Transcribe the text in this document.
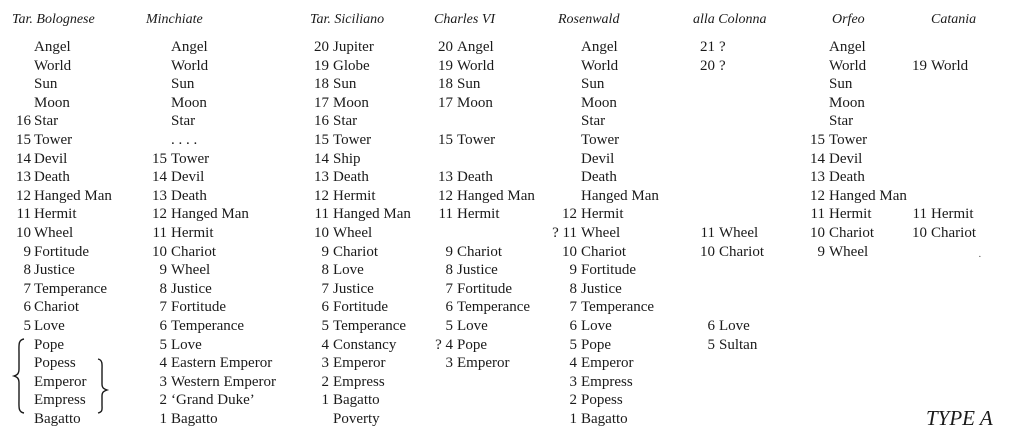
TYPE A
·
Tar. Bolognese
Angel
World
Sun
Moon
16 Star
15 Tower
14 Devil
13 Death
12 Hanged Man
11 Hermit
10 Wheel
9 Fortitude
8 Justice
7 Temperance
6 Chariot
5 Love
Pope
Popess
Emperor
Empress
Bagatto
Minchiate
Angel
World
Sun
Moon
Star
. . . .
15 Tower
14 Devil
13 Death
12 Hanged Man
11 Hermit
10 Chariot
9 Wheel
8 Justice
7 Fortitude
6 Temperance
5 Love
4 Eastern Emperor
3 Western Emperor
2 ‘Grand Duke’
1 Bagatto
Tar. Siciliano
20 Jupiter
19 Globe
18 Sun
17 Moon
16 Star
15 Tower
14 Ship
13 Death
12 Hermit
11 Hanged Man
10 Wheel
9 Chariot
8 Love
7 Justice
6 Fortitude
5 Temperance
4 Constancy
3 Emperor
2 Empress
1 Bagatto
Poverty
Charles VI
20 Angel
19 World
18 Sun
17 Moon
15 Tower
13 Death
12 Hanged Man
11 Hermit
9 Chariot
8 Justice
7 Fortitude
6 Temperance
5 Love
? 4 Pope
3 Emperor
Rosenwald
Angel
World
Sun
Moon
Star
Tower
Devil
Death
Hanged Man
12 Hermit
? 11 Wheel
10 Chariot
9 Fortitude
8 Justice
7 Temperance
6 Love
5 Pope
4 Emperor
3 Empress
2 Popess
1 Bagatto
alla Colonna
21 ?
20 ?
11 Wheel
10 Chariot
6 Love
5 Sultan
Orfeo
Angel
World
Sun
Moon
Star
15 Tower
14 Devil
13 Death
12 Hanged Man
11 Hermit
10 Chariot
9 Wheel
Catania
19 World
11 Hermit
10 Chariot
